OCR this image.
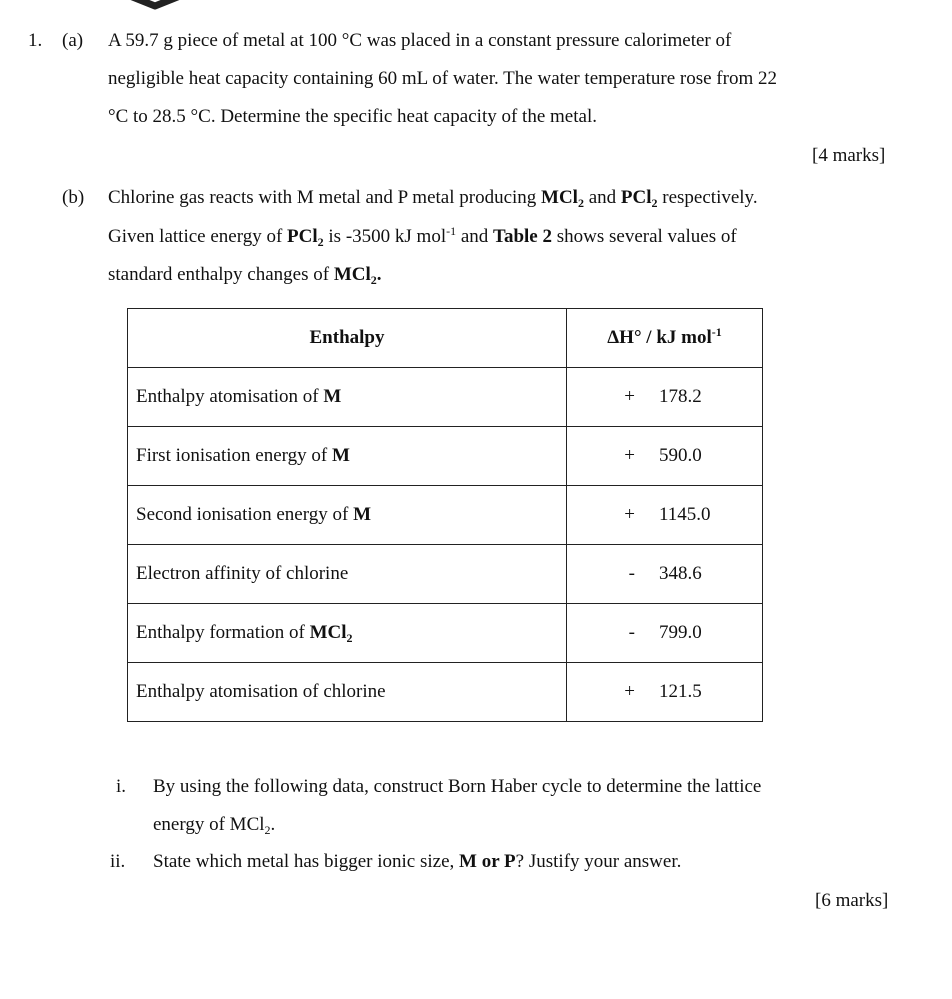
1. (a) A 59.7 g piece of metal at 100 °C was placed in a constant pressure calorimeter of
negligible heat capacity containing 60 mL of water. The water temperature rose from 22
°C to 28.5 °C. Determine the specific heat capacity of the metal.
[4 marks]
(b) Chlorine gas reacts with M metal and P metal producing MCl$_2$ and PCl$_2$ respectively.
Given lattice energy of PCl$_2$ is -3500 kJ mol$^{-1}$ and Table 2 shows several values of
standard enthalpy changes of MCl$_2$.
Enthalpy	ΔH° / kJ mol$^{-1}$
Enthalpy atomisation of M	+ 178.2
First ionisation energy of M	+ 590.0
Second ionisation energy of M	+ 1145.0
Electron affinity of chlorine	- 348.6
Enthalpy formation of MCl$_2$	- 799.0
Enthalpy atomisation of chlorine	+ 121.5
i. By using the following data, construct Born Haber cycle to determine the lattice
energy of MCl$_2$.
ii. State which metal has bigger ionic size, M or P? Justify your answer.
[6 marks]
